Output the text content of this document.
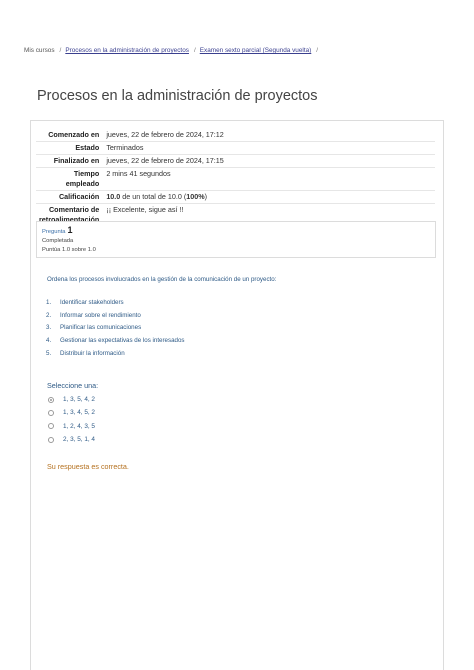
Mis cursos / Procesos en la administración de proyectos / Examen sexto parcial (Segunda vuelta) /
Procesos en la administración de proyectos
Comenzado en	jueves, 22 de febrero de 2024, 17:12
Estado	Terminados
Finalizado en	jueves, 22 de febrero de 2024, 17:15
Tiempo empleado	2 mins 41 segundos
Calificación	10.0 de un total de 10.0 (100%)
Comentario de retroalimentación	¡¡ Excelente, sigue así !!
Pregunta 1
Completada
Puntúa 1.0 sobre 1.0
Ordena los procesos involucrados en la gestión de la comunicación de un proyecto:
1. Identificar stakeholders
2. Informar sobre el rendimiento
3. Planificar las comunicaciones
4. Gestionar las expectativas de los interesados
5. Distribuir la información
Seleccione una:
1, 3, 5, 4, 2
1, 3, 4, 5, 2
1, 2, 4, 3, 5
2, 3, 5, 1, 4
Su respuesta es correcta.
